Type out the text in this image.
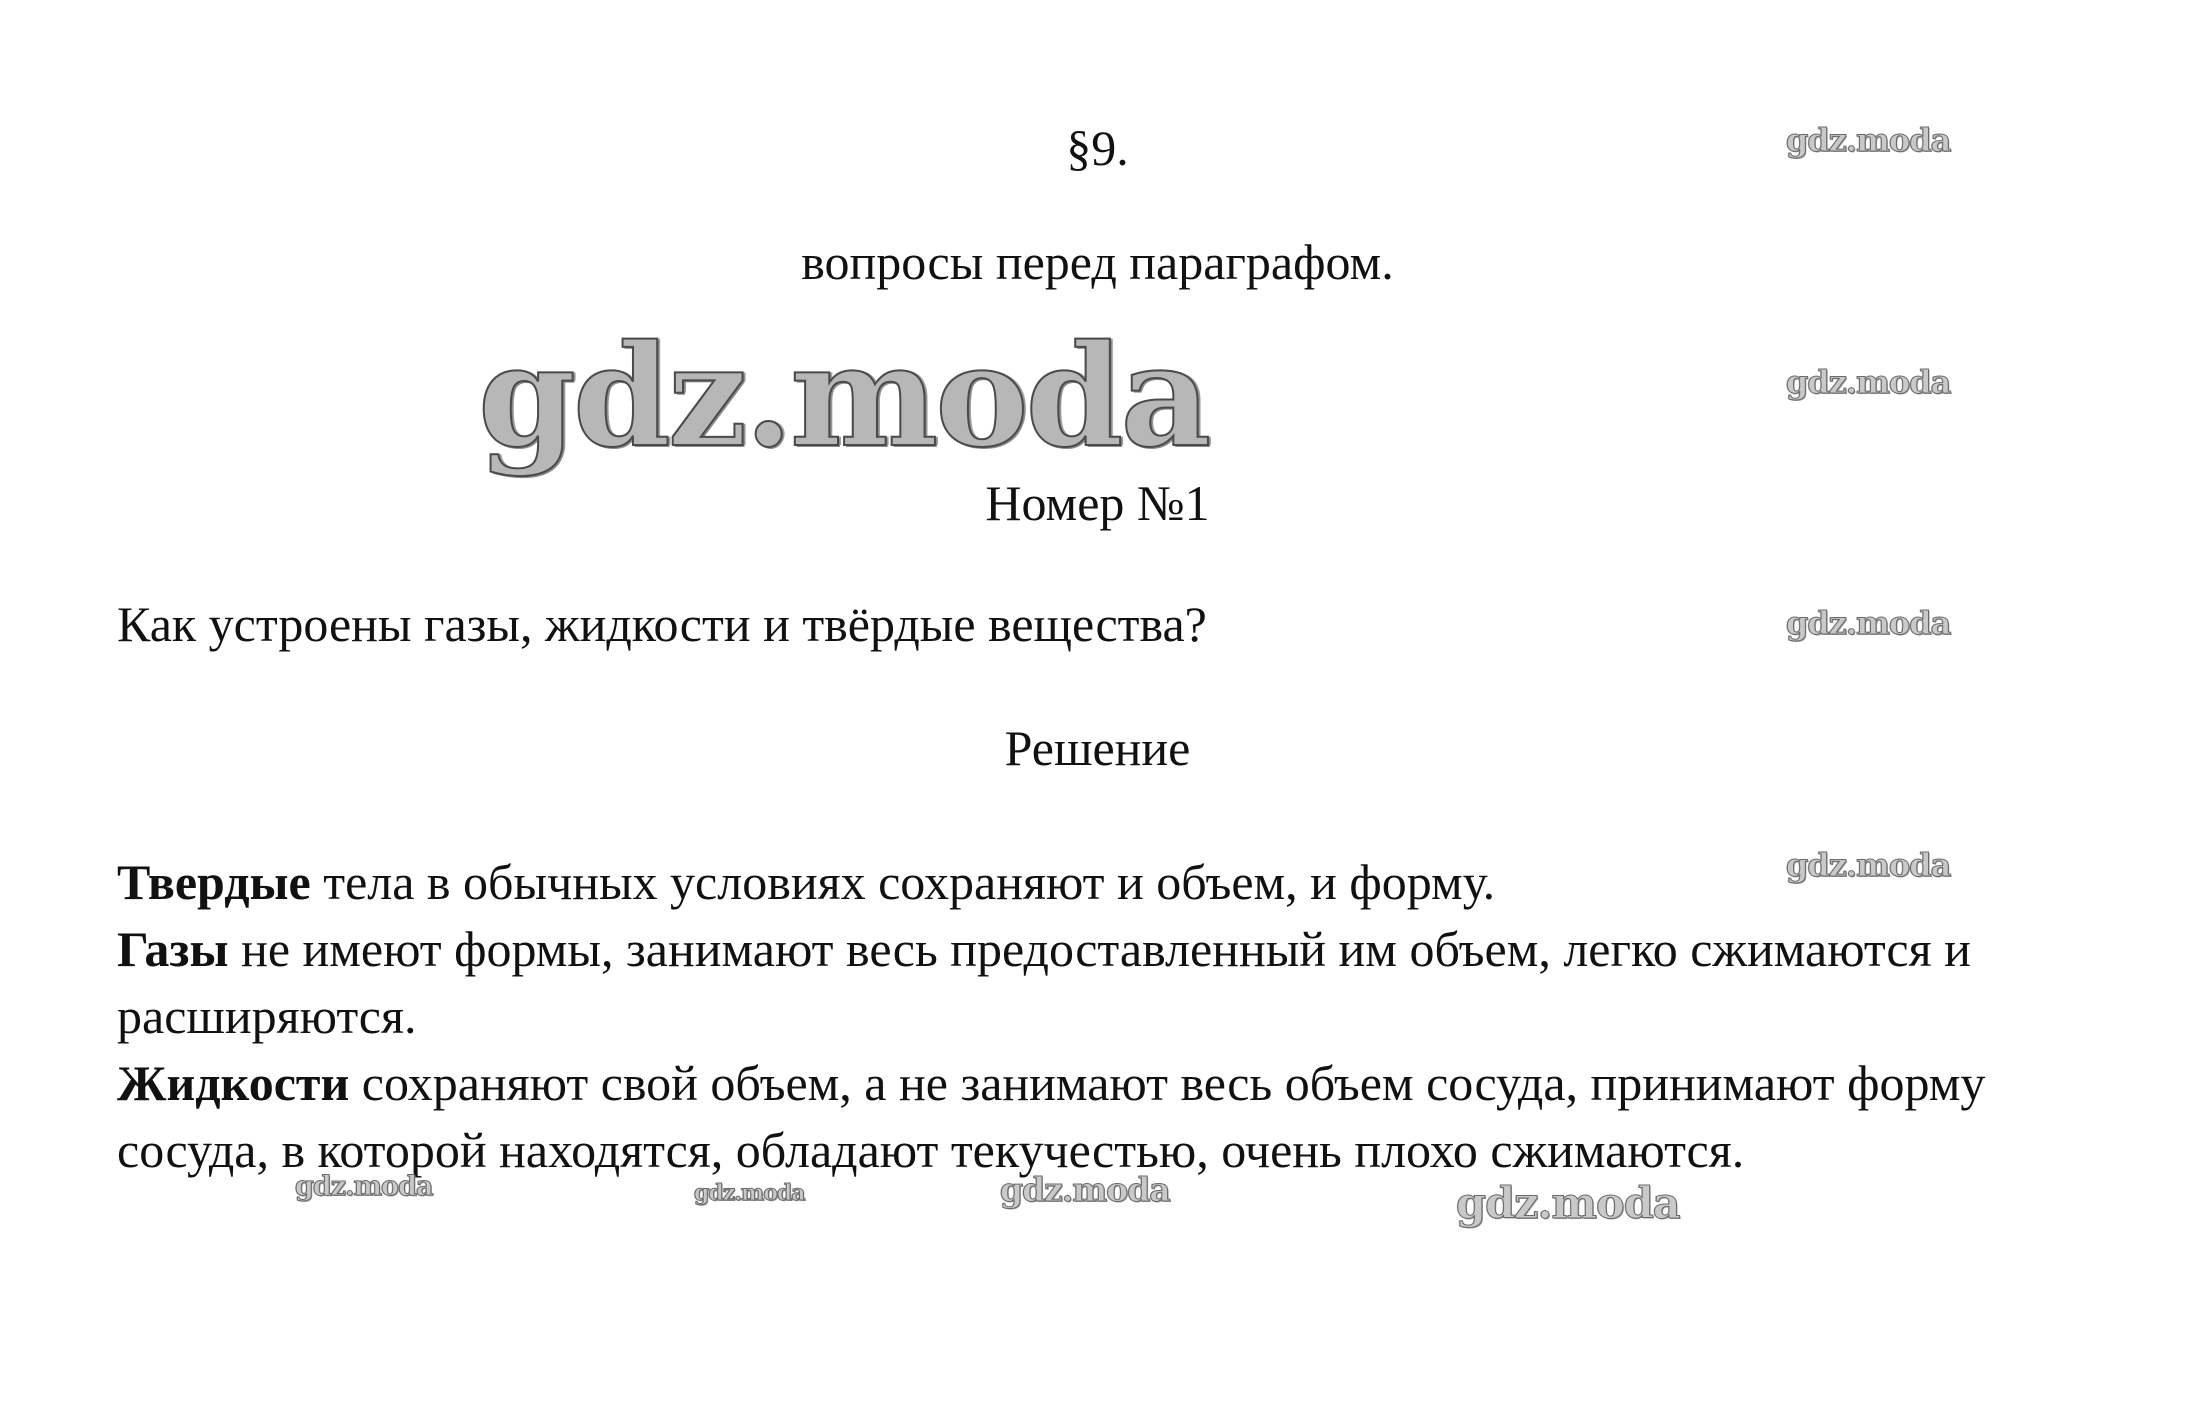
§9.
вопросы перед параграфом.
gdz.moda
Номер №1
Как устроены газы, жидкости и твёрдые вещества?
Решение

Твердые тела в обычных условиях сохраняют и объем, и форму.

Газы не имеют формы, занимают весь предоставленный им объем, легко сжимаются и расширяются.

Жидкости сохраняют свой объем, а не занимают весь объем сосуда, принимают форму сосуда, в которой находятся, обладают текучестью, очень плохо сжимаются.

gdz.moda
gdz.moda
gdz.moda
gdz.moda
gdz.moda	gdz.moda	gdz.moda	gdz.moda
